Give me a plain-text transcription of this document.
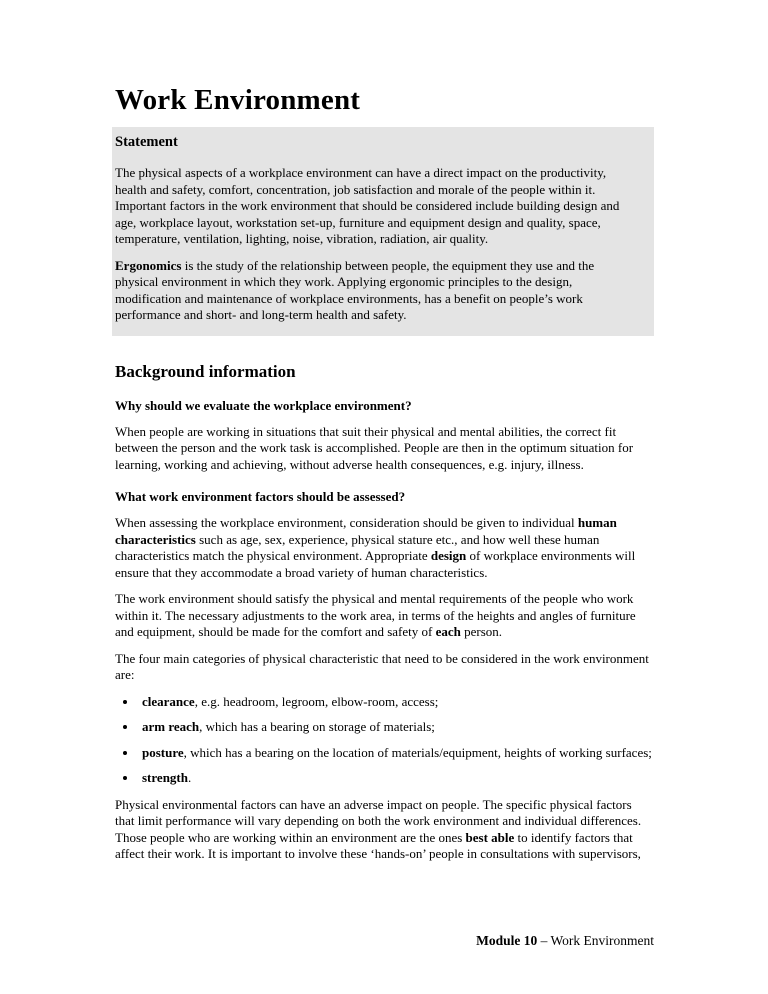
Work Environment
Statement

The physical aspects of a workplace environment can have a direct impact on the productivity, health and safety, comfort, concentration, job satisfaction and morale of the people within it. Important factors in the work environment that should be considered include building design and age, workplace layout, workstation set-up, furniture and equipment design and quality, space, temperature, ventilation, lighting, noise, vibration, radiation, air quality.

Ergonomics is the study of the relationship between people, the equipment they use and the physical environment in which they work. Applying ergonomic principles to the design, modification and maintenance of workplace environments, has a benefit on people’s work performance and short- and long-term health and safety.

Background information
Why should we evaluate the workplace environment?

When people are working in situations that suit their physical and mental abilities, the correct fit between the person and the work task is accomplished. People are then in the optimum situation for learning, working and achieving, without adverse health consequences, e.g. injury, illness.

What work environment factors should be assessed?

When assessing the workplace environment, consideration should be given to individual human characteristics such as age, sex, experience, physical stature etc., and how well these human characteristics match the physical environment. Appropriate design of workplace environments will ensure that they accommodate a broad variety of human characteristics.

The work environment should satisfy the physical and mental requirements of the people who work within it. The necessary adjustments to the work area, in terms of the heights and angles of furniture and equipment, should be made for the comfort and safety of each person.

The four main categories of physical characteristic that need to be considered in the work environment are:

• clearance, e.g. headroom, legroom, elbow-room, access;
• arm reach, which has a bearing on storage of materials;
• posture, which has a bearing on the location of materials/equipment, heights of working surfaces;
• strength.

Physical environmental factors can have an adverse impact on people. The specific physical factors that limit performance will vary depending on both the work environment and individual differences. Those people who are working within an environment are the ones best able to identify factors that affect their work. It is important to involve these ‘hands-on’ people in consultations with supervisors,

Module 10 – Work Environment
